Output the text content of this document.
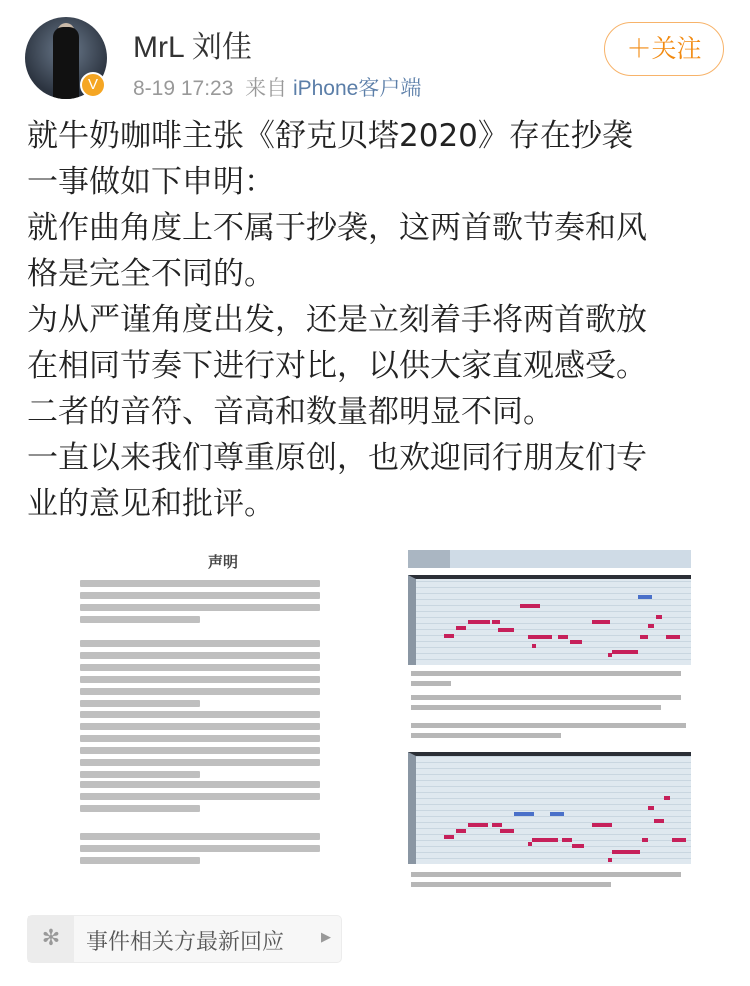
V
MrL 刘佳
8-19 17:23 来自 iPhone客户端
＋关注
就牛奶咖啡主张《舒克贝塔2020》存在抄袭
一事做如下申明：
就作曲角度上不属于抄袭，这两首歌节奏和风
格是完全不同的。
为从严谨角度出发，还是立刻着手将两首歌放
在相同节奏下进行对比，以供大家直观感受。
二者的音符、音高和数量都明显不同。
一直以来我们尊重原创，也欢迎同行朋友们专
业的意见和批评。
声明
✻	事件相关方最新回应	▶
